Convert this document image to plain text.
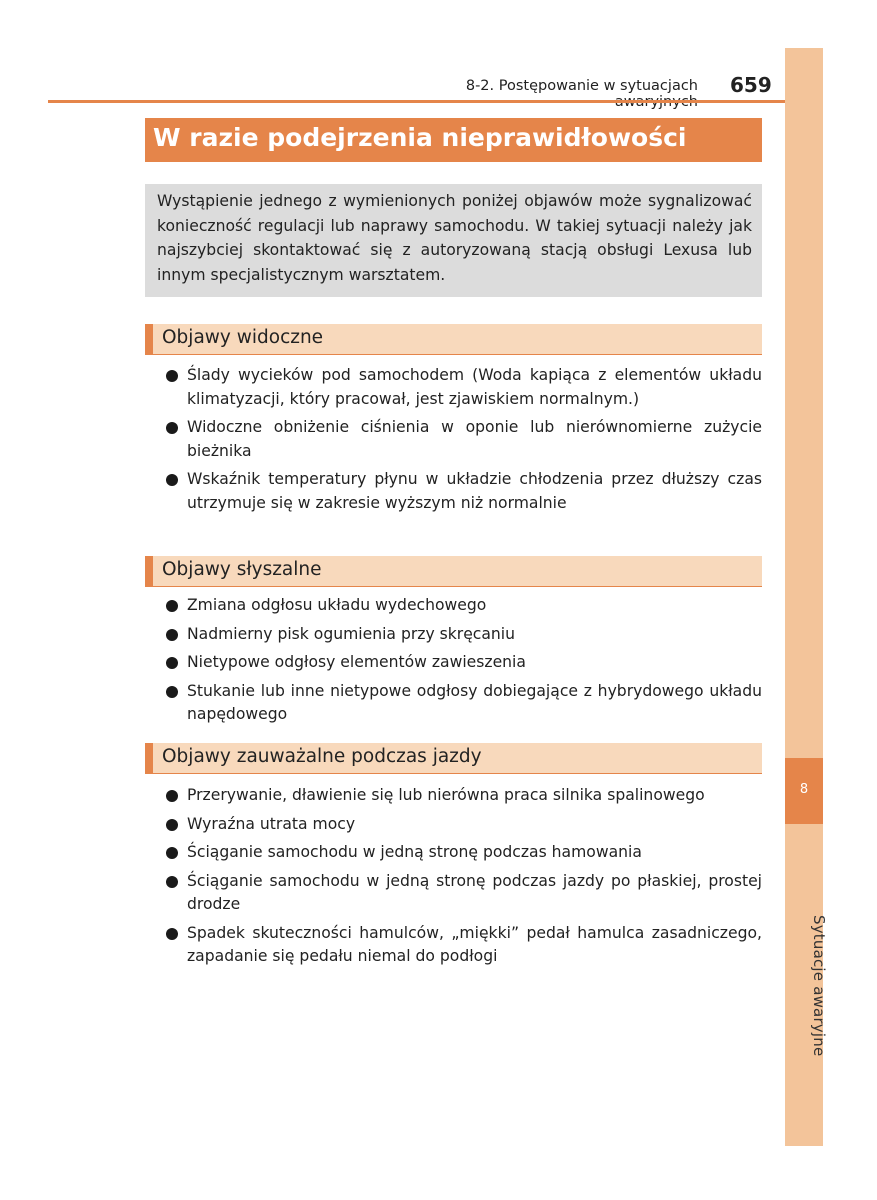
8
Sytuacje awaryjne
8-2. Postępowanie w sytuacjach 659
W razie podejrzenia nieprawidłowości
Wystąpienie jednego z wymienionych poniżej objawów może sygnalizować konieczność regulacji lub naprawy samochodu. W takiej sytuacji należy jak najszybciej skontaktować się z autoryzowaną stacją obsługi Lexusa lub innym specjalistycznym warsztatem.
Objawy widoczne
Ślady wycieków pod samochodem (Woda kapiąca z elementów układu klimatyzacji, który pracował, jest zjawiskiem normalnym.)
Widoczne obniżenie ciśnienia w oponie lub nierównomierne zużycie bieżnika
Wskaźnik temperatury płynu w układzie chłodzenia przez dłuższy czas utrzymuje się w zakresie wyższym niż normalnie
Objawy słyszalne
Zmiana odgłosu układu wydechowego
Nadmierny pisk ogumienia przy skręcaniu
Nietypowe odgłosy elementów zawieszenia
Stukanie lub inne nietypowe odgłosy dobiegające z hybrydowego układu napędowego
Objawy zauważalne podczas jazdy
Przerywanie, dławienie się lub nierówna praca silnika spalinowego
Wyraźna utrata mocy
Ściąganie samochodu w jedną stronę podczas hamowania
Ściąganie samochodu w jedną stronę podczas jazdy po płaskiej, prostej drodze
Spadek skuteczności hamulców, „miękki” pedał hamulca zasadniczego, zapadanie się pedału niemal do podłogi
